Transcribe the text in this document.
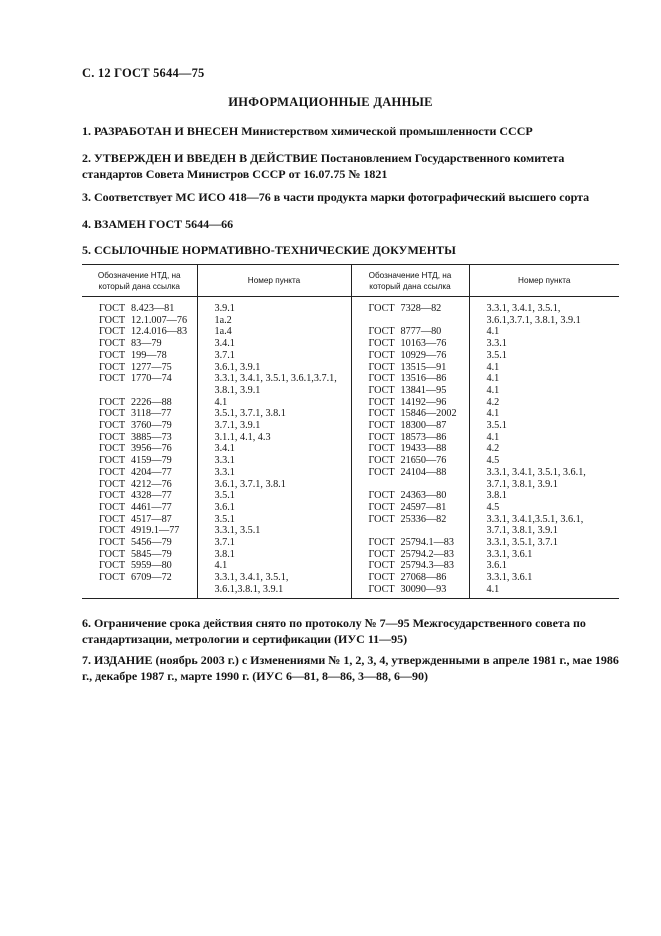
С. 12 ГОСТ 5644—75
ИНФОРМАЦИОННЫЕ ДАННЫЕ
1. РАЗРАБОТАН И ВНЕСЕН Министерством химической промышленности СССР
2. УТВЕРЖДЕН И ВВЕДЕН В ДЕЙСТВИЕ Постановлением Государственного комитета стандартов Совета Министров СССР от 16.07.75 № 1821
3. Соответствует МС ИСО 418—76 в части продукта марки фотографический высшего сорта
4. ВЗАМЕН ГОСТ 5644—66
5. ССЫЛОЧНЫЕ НОРМАТИВНО-ТЕХНИЧЕСКИЕ ДОКУМЕНТЫ
Обозначение НТД, на который дана ссылка	Номер пункта	Обозначение НТД, на который дана ссылка	Номер пункта
ГОСТ 8.423—81	3.9.1	ГОСТ 7328—82	3.3.1, 3.4.1, 3.5.1,
ГОСТ 12.1.007—76	1а.2		3.6.1,3.7.1, 3.8.1, 3.9.1
ГОСТ 12.4.016—83	1а.4	ГОСТ 8777—80	4.1
ГОСТ 83—79	3.4.1	ГОСТ 10163—76	3.3.1
ГОСТ 199—78	3.7.1	ГОСТ 10929—76	3.5.1
ГОСТ 1277—75	3.6.1, 3.9.1	ГОСТ 13515—91	4.1
ГОСТ 1770—74	3.3.1, 3.4.1, 3.5.1, 3.6.1,3.7.1,	ГОСТ 13516—86	4.1
	3.8.1, 3.9.1	ГОСТ 13841—95	4.1
ГОСТ 2226—88	4.1	ГОСТ 14192—96	4.2
ГОСТ 3118—77	3.5.1, 3.7.1, 3.8.1	ГОСТ 15846—2002	4.1
ГОСТ 3760—79	3.7.1, 3.9.1	ГОСТ 18300—87	3.5.1
ГОСТ 3885—73	3.1.1, 4.1, 4.3	ГОСТ 18573—86	4.1
ГОСТ 3956—76	3.4.1	ГОСТ 19433—88	4.2
ГОСТ 4159—79	3.3.1	ГОСТ 21650—76	4.5
ГОСТ 4204—77	3.3.1	ГОСТ 24104—88	3.3.1, 3.4.1, 3.5.1, 3.6.1,
ГОСТ 4212—76	3.6.1, 3.7.1, 3.8.1		3.7.1, 3.8.1, 3.9.1
ГОСТ 4328—77	3.5.1	ГОСТ 24363—80	3.8.1
ГОСТ 4461—77	3.6.1	ГОСТ 24597—81	4.5
ГОСТ 4517—87	3.5.1	ГОСТ 25336—82	3.3.1, 3.4.1,3.5.1, 3.6.1,
ГОСТ 4919.1—77	3.3.1, 3.5.1		3.7.1, 3.8.1, 3.9.1
ГОСТ 5456—79	3.7.1	ГОСТ 25794.1—83	3.3.1, 3.5.1, 3.7.1
ГОСТ 5845—79	3.8.1	ГОСТ 25794.2—83	3.3.1, 3.6.1
ГОСТ 5959—80	4.1	ГОСТ 25794.3—83	3.6.1
ГОСТ 6709—72	3.3.1, 3.4.1, 3.5.1,	ГОСТ 27068—86	3.3.1, 3.6.1
	3.6.1,3.8.1, 3.9.1	ГОСТ 30090—93	4.1
6. Ограничение срока действия снято по протоколу № 7—95 Межгосударственного совета по стандартизации, метрологии и сертификации (ИУС 11—95)
7. ИЗДАНИЕ (ноябрь 2003 г.) с Изменениями № 1, 2, 3, 4, утвержденными в апреле 1981 г., мае 1986 г., декабре 1987 г., марте 1990 г. (ИУС 6—81, 8—86, 3—88, 6—90)
